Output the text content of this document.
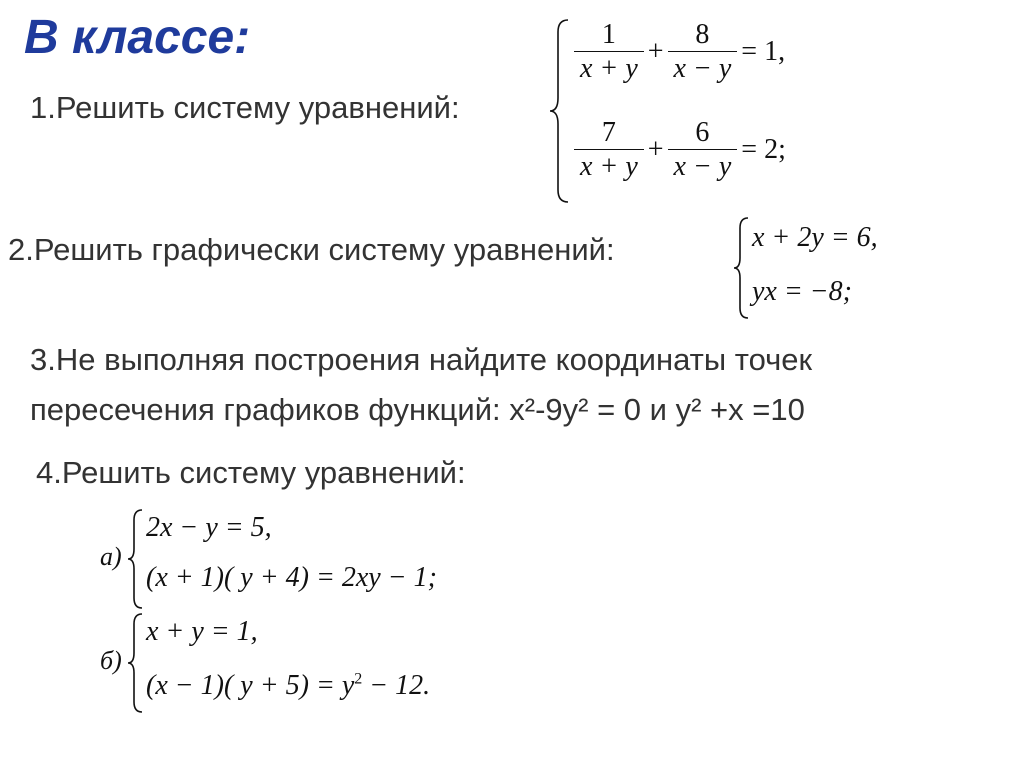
В классе:
1.Решить систему уравнений:
$\frac{1}{x + y} + \frac{8}{x - y} = 1$,
$\frac{7}{x + y} + \frac{6}{x - y} = 2$;
2.Решить графически систему уравнений:	x + 2y = 6,
yx = −8;
3.Не выполняя построения найдите координаты точек
пересечения графиков функций: x²-9y² = 0 и y² +x =10
4.Решить систему уравнений:
а)
2x − y = 5,
(x + 1)( y + 4) = 2xy − 1;
б)
x + y = 1,
(x − 1)( $y + 5) = y^2 - 12$.
